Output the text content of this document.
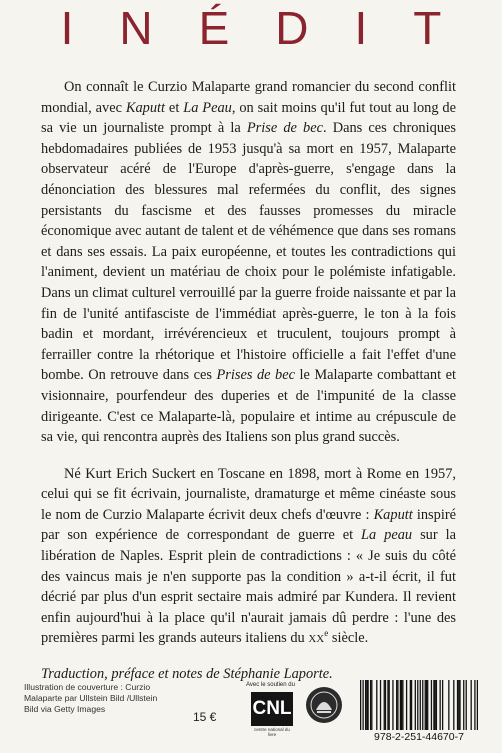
INÉDIT

On connaît le Curzio Malaparte grand romancier du second conflit mondial, avec Kaputt et La Peau, on sait moins qu'il fut tout au long de sa vie un journaliste prompt à la Prise de bec. Dans ces chroniques hebdomadaires publiées de 1953 jusqu'à sa mort en 1957, Malaparte observateur acéré de l'Europe d'après-guerre, s'engage dans la dénonciation des blessures mal refermées du conflit, des signes persistants du fascisme et des fausses promesses du miracle économique avec autant de talent et de véhémence que dans ses romans et dans ses essais. La paix européenne, et toutes les contradictions qui l'animent, devient un matériau de choix pour le polémiste infatigable. Dans un climat culturel verrouillé par la guerre froide naissante et par la fin de l'unité antifasciste de l'immédiat après-guerre, le ton à la fois badin et mordant, irrévérencieux et truculent, toujours prompt à ferrailler contre la rhétorique et l'histoire officielle a fait l'effet d'une bombe. On retrouve dans ces Prises de bec le Malaparte combattant et visionnaire, pourfendeur des duperies et de l'impunité de la classe dirigeante. C'est ce Malaparte-là, populaire et intime au crépuscule de sa vie, qui rencontra auprès des Italiens son plus grand succès.

Né Kurt Erich Suckert en Toscane en 1898, mort à Rome en 1957, celui qui se fit écrivain, journaliste, dramaturge et même cinéaste sous le nom de Curzio Malaparte écrivit deux chefs d'œuvre : Kaputt inspiré par son expérience de correspondant de guerre et La peau sur la libération de Naples. Esprit plein de contradictions : « Je suis du côté des vaincus mais je n'en supporte pas la condition » a-t-il écrit, il fut décrié par plus d'un esprit sectaire mais admiré par Kundera. Il revient enfin aujourd'hui à la place qu'il n'aurait jamais dû perdre : l'une des premières parmi les grands auteurs italiens du XXe siècle.

Traduction, préface et notes de Stéphanie Laporte.

Illustration de couverture : Curzio Malaparte par Ullstein Bild /Ullstein Bild via Getty Images
15 €
Avec le soutien du
CNL
centre national du livre	978-2-251-44670-7
